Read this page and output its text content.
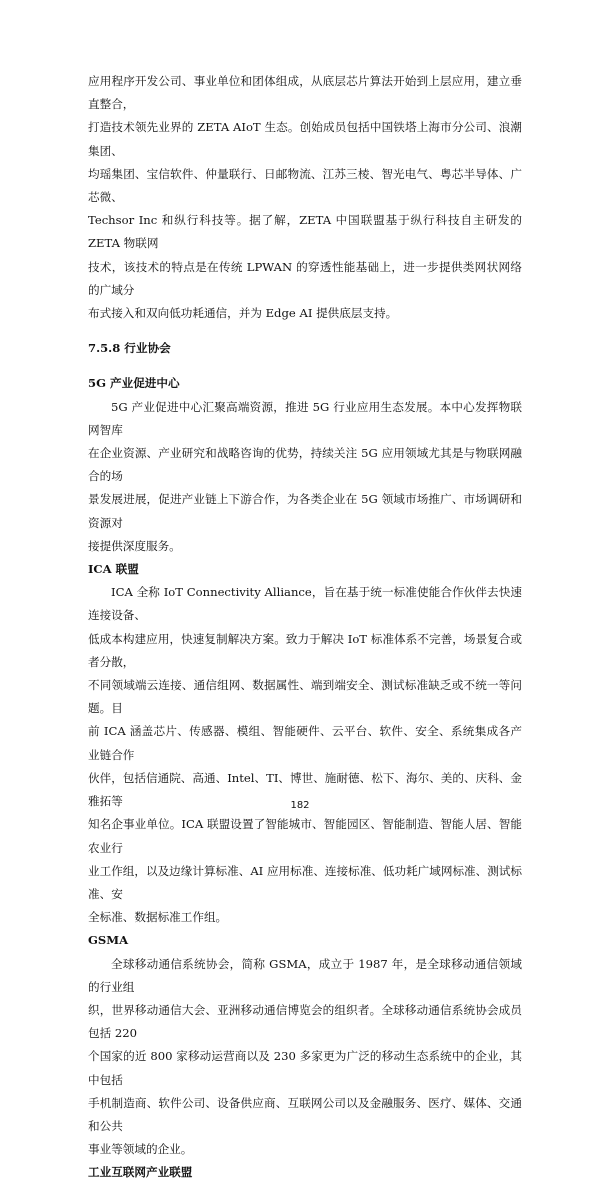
应用程序开发公司、事业单位和团体组成，从底层芯片算法开始到上层应用，建立垂直整合，

打造技术领先业界的 ZETA AIoT 生态。创始成员包括中国铁塔上海市分公司、浪潮集团、

均瑶集团、宝信软件、仲量联行、日邮物流、江苏三棱、智光电气、粤芯半导体、广芯微、

Techsor Inc 和纵行科技等。据了解，ZETA 中国联盟基于纵行科技自主研发的 ZETA 物联网

技术，该技术的特点是在传统 LPWAN 的穿透性能基础上，进一步提供类网状网络的广域分

布式接入和双向低功耗通信，并为 Edge AI 提供底层支持。

7.5.8 行业协会
5G 产业促进中心

5G 产业促进中心汇聚高端资源，推进 5G 行业应用生态发展。本中心发挥物联网智库

在企业资源、产业研究和战略咨询的优势，持续关注 5G 应用领域尤其是与物联网融合的场

景发展进展，促进产业链上下游合作，为各类企业在 5G 领域市场推广、市场调研和资源对

接提供深度服务。

ICA 联盟

ICA 全称 IoT Connectivity Alliance，旨在基于统一标准使能合作伙伴去快速连接设备、

低成本构建应用，快速复制解决方案。致力于解决 IoT 标准体系不完善，场景复合或者分散，

不同领域端云连接、通信组网、数据属性、端到端安全、测试标准缺乏或不统一等问题。目

前 ICA 涵盖芯片、传感器、模组、智能硬件、云平台、软件、安全、系统集成各产业链合作

伙伴，包括信通院、高通、Intel、TI、博世、施耐德、松下、海尔、美的、庆科、金雅拓等

知名企事业单位。ICA 联盟设置了智能城市、智能园区、智能制造、智能人居、智能农业行

业工作组，以及边缘计算标准、AI 应用标准、连接标准、低功耗广域网标准、测试标准、安

全标准、数据标准工作组。

GSMA

全球移动通信系统协会，简称 GSMA，成立于 1987 年，是全球移动通信领域的行业组

织，世界移动通信大会、亚洲移动通信博览会的组织者。全球移动通信系统协会成员包括 220

个国家的近 800 家移动运营商以及 230 多家更为广泛的移动生态系统中的企业，其中包括

手机制造商、软件公司、设备供应商、互联网公司以及金融服务、医疗、媒体、交通和公共

事业等领域的企业。

工业互联网产业联盟
182
